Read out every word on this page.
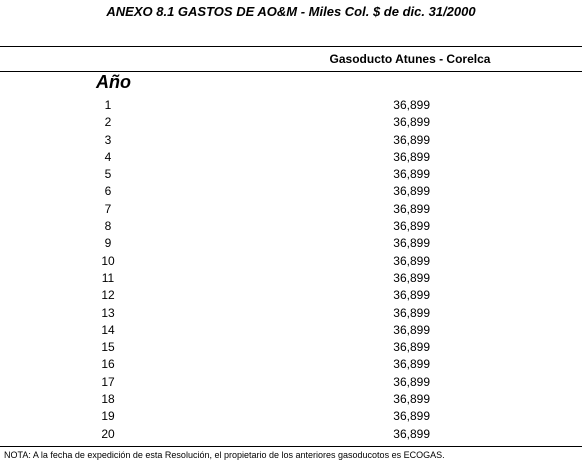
ANEXO 8.1 GASTOS DE AO&M - Miles Col. $ de dic. 31/2000
Gasoducto Atunes - Corelca
Año
1	36,899
2	36,899
3	36,899
4	36,899
5	36,899
6	36,899
7	36,899
8	36,899
9	36,899
10	36,899
11	36,899
12	36,899
13	36,899
14	36,899
15	36,899
16	36,899
17	36,899
18	36,899
19	36,899
20	36,899
NOTA: A la fecha de expedición de esta Resolución, el propietario de los anteriores gasoducotos es ECOGAS.
